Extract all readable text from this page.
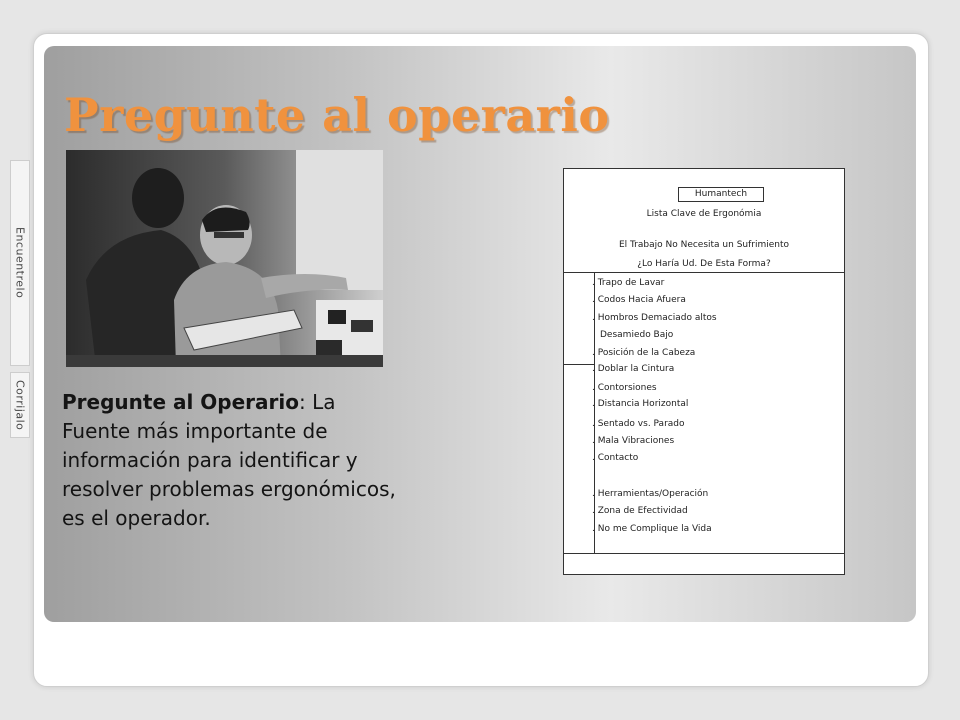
Encuentrelo
Corrijalo
Pregunte al operario

Pregunte al Operario: La Fuente más importante de información para identificar y resolver problemas ergonómicos, es el operador.

Humantech
Lista Clave de Ergonómia
El Trabajo No Necesita un Sufrimiento
¿Lo Haría Ud. De Esta Forma?
. Trapo de Lavar
. Codos Hacia Afuera
. Hombros Demaciado altos
Desamiedo Bajo
. Posición de la Cabeza
. Doblar la Cintura
. Contorsiones
. Distancia Horizontal
. Sentado vs. Parado
. Mala Vibraciones
. Contacto
. Herramientas/Operación
. Zona de Efectividad
. No me Complique la Vida
